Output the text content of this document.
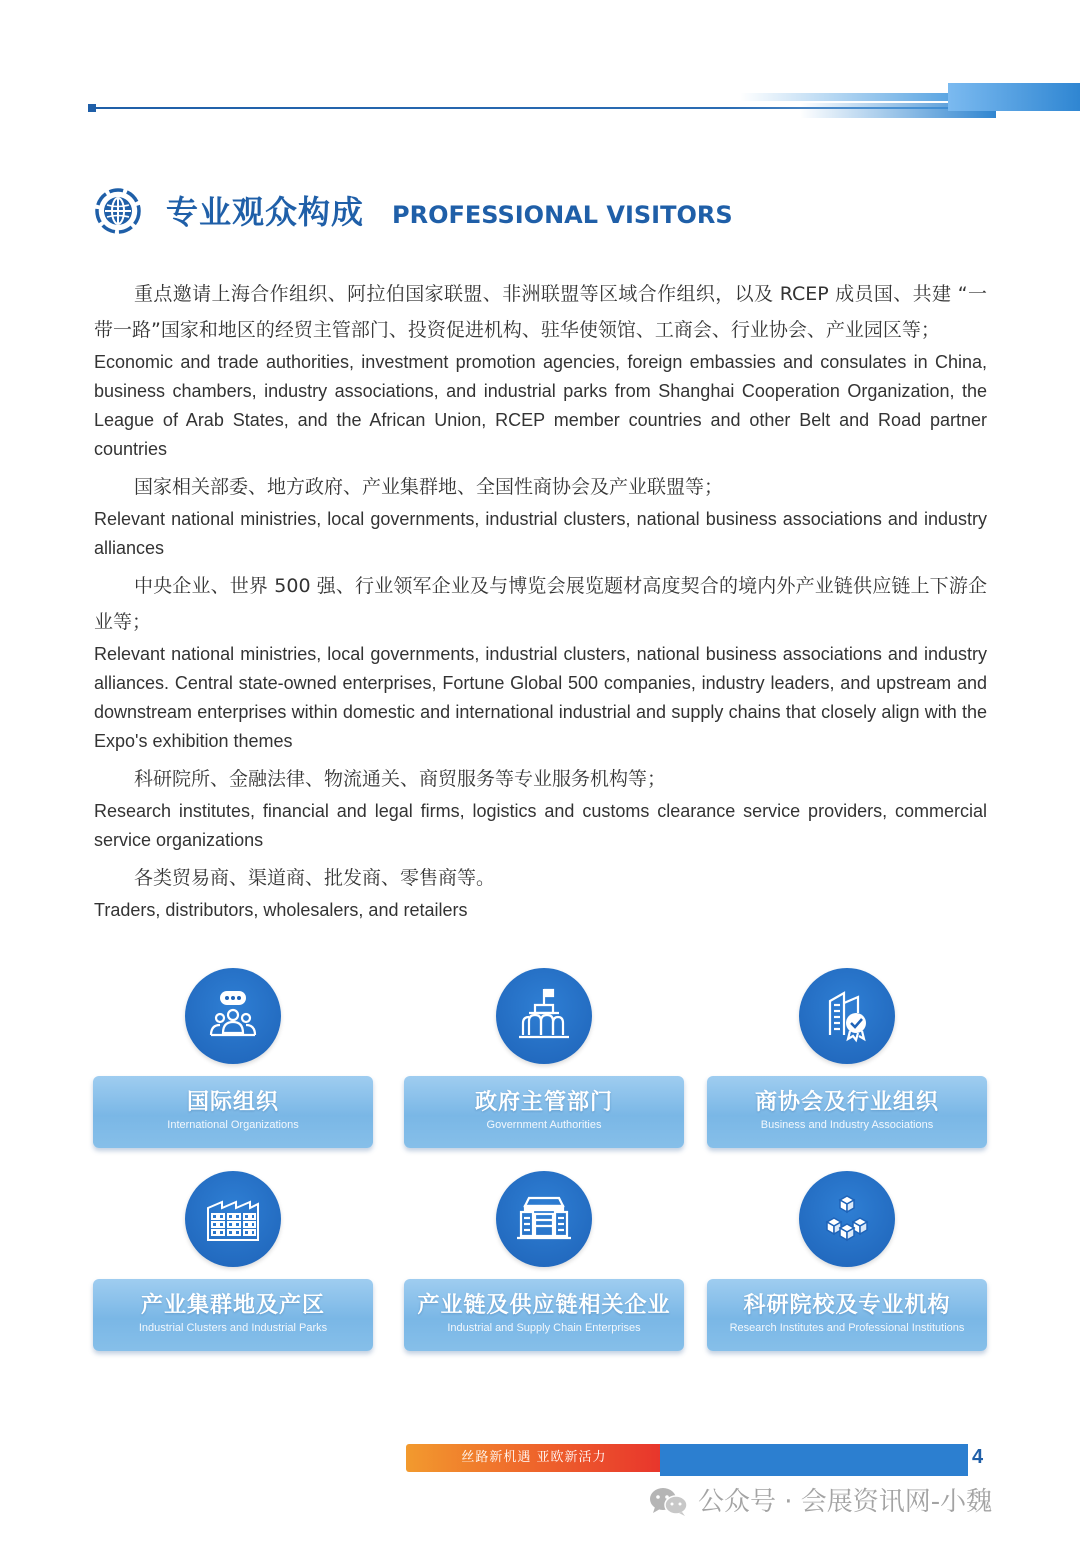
专业观众构成 PROFESSIONAL VISITORS

重点邀请上海合作组织、阿拉伯国家联盟、非洲联盟等区域合作组织，以及 RCEP 成员国、共建 “一带一路”国家和地区的经贸主管部门、投资促进机构、驻华使领馆、工商会、行业协会、产业园区等；

Economic and trade authorities, investment promotion agencies, foreign embassies and consulates in China, business chambers, industry associations, and industrial parks from Shanghai Cooperation Organization, the League of Arab States, and the African Union, RCEP member countries and other Belt and Road partner countries

国家相关部委、地方政府、产业集群地、全国性商协会及产业联盟等；

Relevant national ministries, local governments, industrial clusters, national business associations and industry alliances

中央企业、世界 500 强、行业领军企业及与博览会展览题材高度契合的境内外产业链供应链上下游企业等；

Relevant national ministries, local governments, industrial clusters, national business associations and industry alliances. Central state-owned enterprises, Fortune Global 500 companies, industry leaders, and upstream and downstream enterprises within domestic and international industrial and supply chains that closely align with the Expo's exhibition themes

科研院所、金融法律、物流通关、商贸服务等专业服务机构等；

Research institutes, financial and legal firms, logistics and customs clearance service providers, commercial service organizations

各类贸易商、渠道商、批发商、零售商等。

Traders, distributors, wholesalers, and retailers

国际组织
International Organizations
政府主管部门
Government Authorities
商协会及行业组织
Business and Industry Associations
产业集群地及产区
Industrial Clusters and Industrial Parks
产业链及供应链相关企业
Industrial and Supply Chain Enterprises
科研院校及专业机构
Research Institutes and Professional Institutions
丝路新机遇 亚欧新活力	4
公众号 · 会展资讯网-小魏
